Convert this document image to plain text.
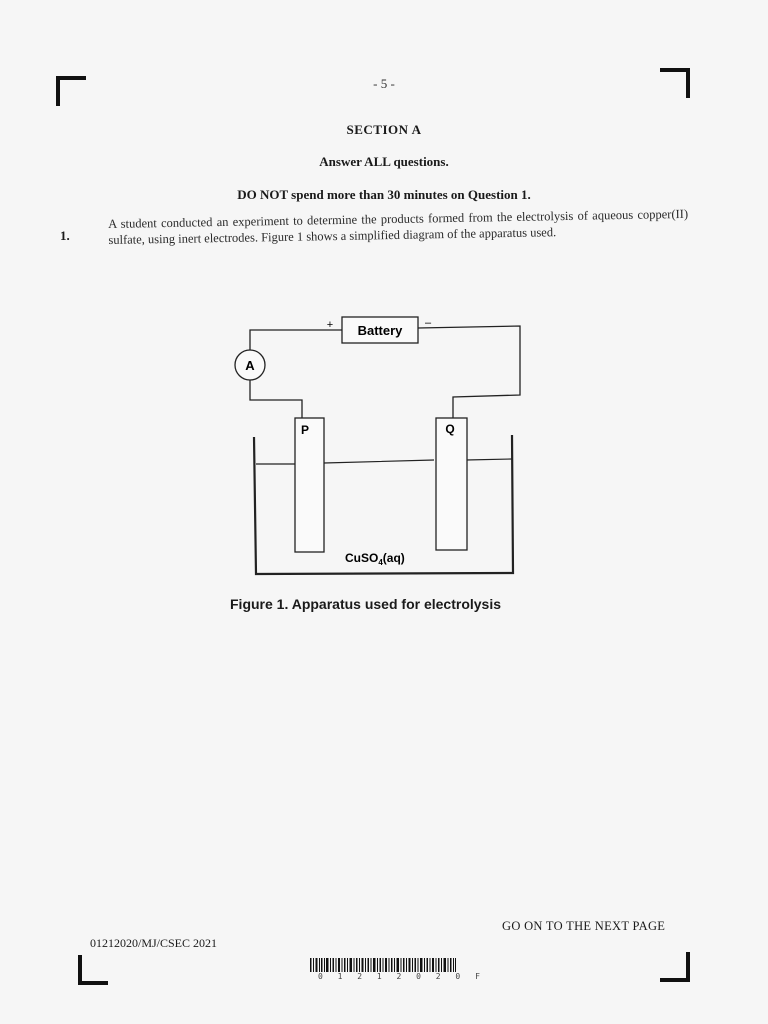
- 5 -
SECTION A
Answer ALL questions.
DO NOT spend more than 30 minutes on Question 1.
1.
A student conducted an experiment to determine the products formed from the electrolysis of aqueous copper(II) sulfate, using inert electrodes. Figure 1 shows a simplified diagram of the apparatus used.
A
Battery
+	–
P	Q
CuSO$_4$(aq)
Figure 1. Apparatus used for electrolysis
GO ON TO THE NEXT PAGE
01212020/MJ/CSEC 2021
0 1 2 1 2 0 2 0 F
